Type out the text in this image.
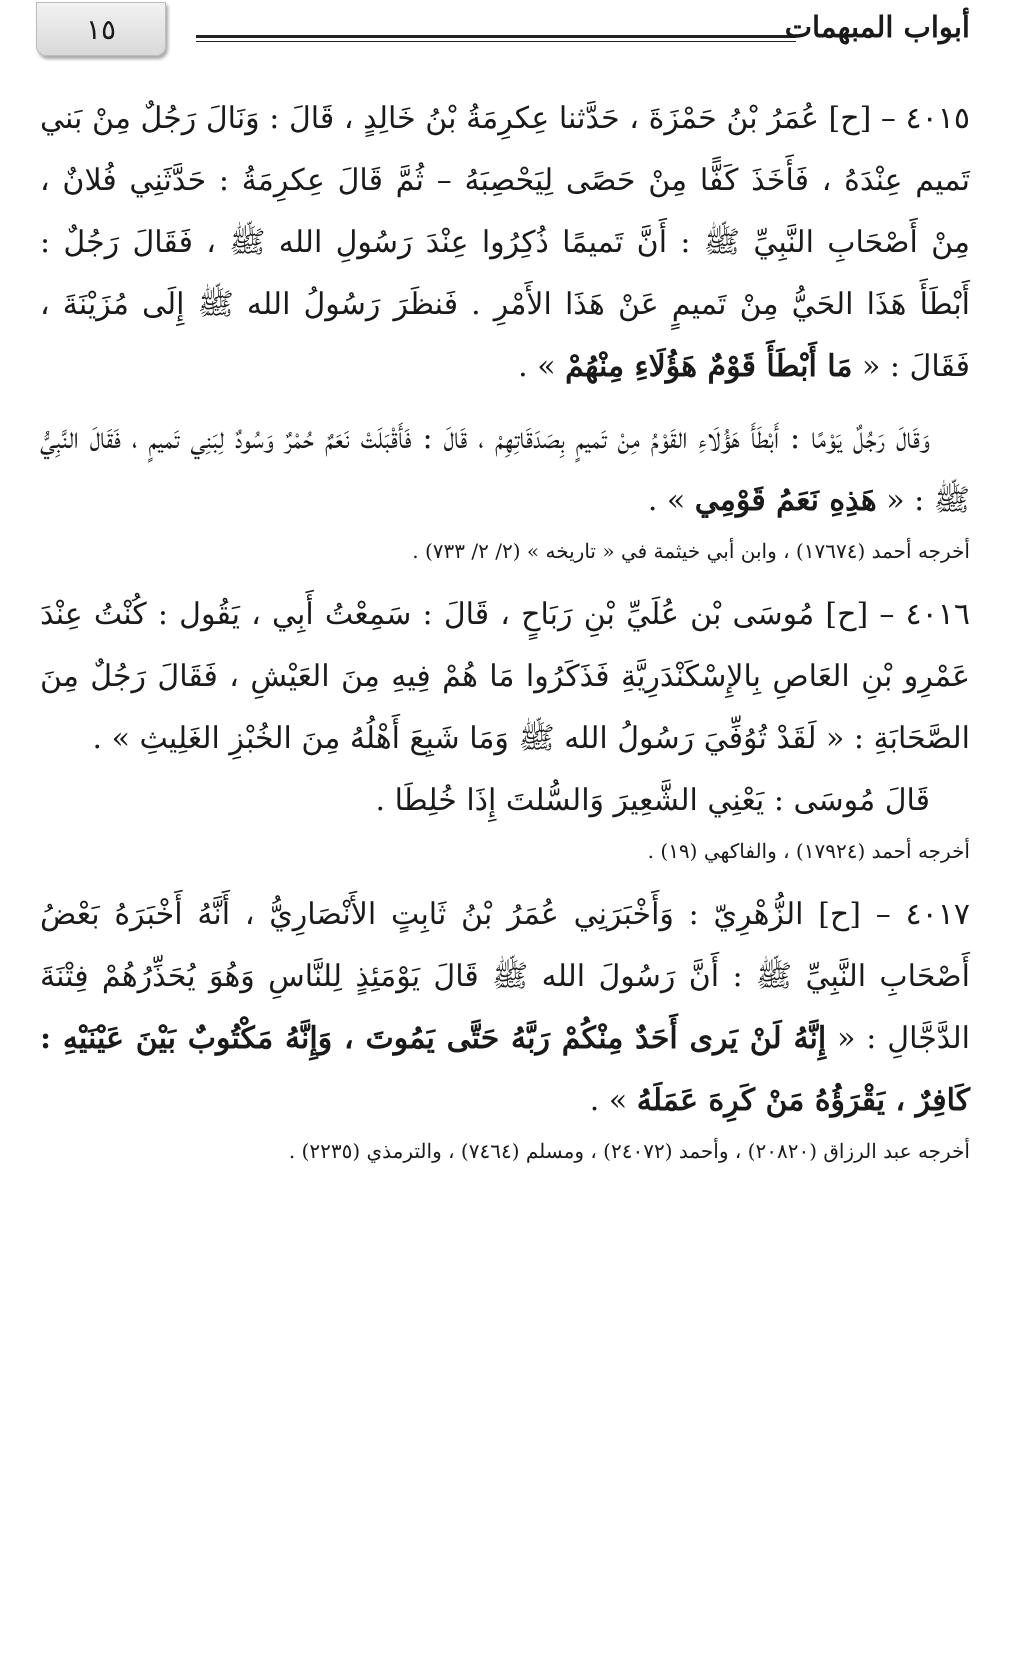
١٥	أبواب المبهمات

٤٠١٥ – [ح] عُمَرُ بْنُ حَمْزَةَ ، حَدَّثنا عِكرِمَةُ بْنُ خَالِدٍ ، قَالَ : وَنَالَ رَجُلٌ مِنْ بَني تَميم عِنْدَهُ ، فَأَخَذَ كَفًّا مِنْ حَصًى لِيَحْصِبَهُ – ثُمَّ قَالَ عِكرِمَةُ : حَدَّثَنِي فُلانٌ ، مِنْ أَصْحَابِ النَّبِيِّ ﷺ : أَنَّ تَميمًا ذُكِرُوا عِنْدَ رَسُولِ الله ﷺ ، فَقَالَ رَجُلٌ : أَبْطَأَ هَذَا الحَيُّ مِنْ تَميمٍ عَنْ هَذَا الأَمْرِ . فَنظَرَ رَسُولُ الله ﷺ إِلَى مُزَيْنَةَ ، فَقَالَ : « مَا أَبْطَأَ قَوْمٌ هَؤُلَاءِ مِنْهُمْ » .

وَقَالَ رَجُلٌ يَوْمًا : أَبْطَأَ هَؤُلَاءِ القَوْمُ مِنْ تَميمٍ بِصَدَقَاتِهِمْ ، قَالَ : فَأَقْبَلَتْ نَعَمٌ حُمْرٌ وَسُودٌ لِبَنِي تَميمٍ ، فَقَالَ النَّبِيُّ ﷺ : « هَذِهِ نَعَمُ قَوْمِي » .

أخرجه أحمد (١٧٦٧٤) ، وابن أبي خيثمة في « تاريخه » (٢/ ٢/ ٧٣٣) .

٤٠١٦ – [ح] مُوسَى بْن عُلَيِّ بْنِ رَبَاحٍ ، قَالَ : سَمِعْتُ أَبِي ، يَقُول : كُنْتُ عِنْدَ عَمْرِو بْنِ العَاصِ بِالإِسْكَنْدَرِيَّةِ فَذَكَرُوا مَا هُمْ فِيهِ مِنَ العَيْشِ ، فَقَالَ رَجُلٌ مِنَ الصَّحَابَةِ : « لَقَدْ تُوُفِّيَ رَسُولُ الله ﷺ وَمَا شَبِعَ أَهْلُهُ مِنَ الخُبْزِ الغَلِيثِ » .

قَالَ مُوسَى : يَعْنِي الشَّعِيرَ وَالسُّلتَ إِذَا خُلِطَا .

أخرجه أحمد (١٧٩٢٤) ، والفاكهي (١٩) .

٤٠١٧ – [ح] الزُّهْرِيّ : وَأَخْبَرَنِي عُمَرُ بْنُ ثَابِتٍ الأَنْصَارِيُّ ، أَنَّهُ أَخْبَرَهُ بَعْضُ أَصْحَابِ النَّبِيِّ ﷺ : أَنَّ رَسُولَ الله ﷺ قَالَ يَوْمَئِذٍ لِلنَّاسِ وَهُوَ يُحَذِّرُهُمْ فِتْنَةَ الدَّجَّالِ : « إِنَّهُ لَنْ يَرى أَحَدٌ مِنْكُمْ رَبَّهُ حَتَّى يَمُوتَ ، وَإِنَّهُ مَكْتُوبٌ بَيْنَ عَيْنَيْهِ : كَافِرٌ ، يَقْرَؤُهُ مَنْ كَرِهَ عَمَلَهُ » .

أخرجه عبد الرزاق (٢٠٨٢٠) ، وأحمد (٢٤٠٧٢) ، ومسلم (٧٤٦٤) ، والترمذي (٢٢٣٥) .
